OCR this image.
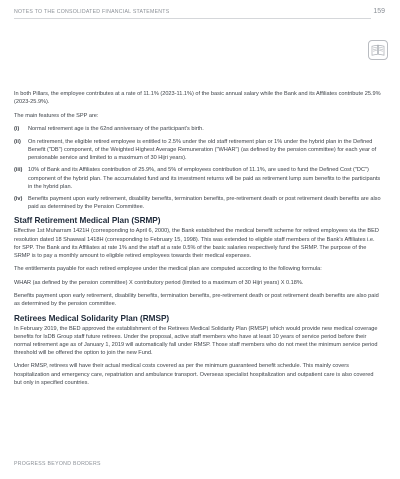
NOTES TO THE CONSOLIDATED FINANCIAL STATEMENTS	159

In both Pillars, the employee contributes at a rate of 11.1% (2023-11.1%) of the basic annual salary while the Bank and its Affiliates contribute 25.9% (2023-25.9%).

The main features of the SPP are:

(i)	Normal retirement age is the 62nd anniversary of the participant's birth.
(ii)	On retirement, the eligible retired employee is entitled to 2.5% under the old staff retirement plan or 1% under the hybrid plan in the Defined Benefit ("DB") component, of the Weighted Highest Average Remuneration ("WHAR") (as defined by the pension committee) for each year of pensionable service and limited to a maximum of 30 Hijri years).
(iii)	10% of Bank and its Affiliates contribution of 25.9%, and 5% of employees contribution of 11.1%, are used to fund the Defined Cost ("DC") component of the hybrid plan. The accumulated fund and its investment returns will be paid as retirement lump sum benefits to the participants in the hybrid plan.
(iv)	Benefits payment upon early retirement, disability benefits, termination benefits, pre-retirement death or post retirement death benefits are also paid as determined by the Pension Committee.
Staff Retirement Medical Plan (SRMP)

Effective 1st Muharram 1421H (corresponding to April 6, 2000), the Bank established the medical benefit scheme for retired employees via the BED resolution dated 18 Shawwal 1418H (corresponding to February 15, 1998). This was extended to eligible staff members of the Bank's Affiliates i.e. for SPP. The Bank and its Affiliates at rate 1% and the staff at a rate 0.5% of the basic salaries respectively fund the SRMP. The purpose of the SRMP is to pay a monthly amount to eligible retired employees towards their medical expenses.

The entitlements payable for each retired employee under the medical plan are computed according to the following formula:

WHAR (as defined by the pension committee) X contributory period (limited to a maximum of 30 Hijri years) X 0.18%.

Benefits payment upon early retirement, disability benefits, termination benefits, pre-retirement death or post retirement death benefits are also paid as determined by the pension committee.

Retirees Medical Solidarity Plan (RMSP)

In February 2019, the BED approved the establishment of the Retirees Medical Solidarity Plan (RMSP) which would provide new medical coverage benefits for IsDB Group staff future retirees. Under the proposal, active staff members who have at least 10 years of service period before their normal retirement age as of January 1, 2019 will automatically fall under RMSP. Those staff members who do not meet the minimum service period threshold will be offered the option to join the new Fund.

Under RMSP, retirees will have their actual medical costs covered as per the minimum guaranteed benefit schedule. This mainly covers hospitalization and emergency care, repatriation and ambulance transport. Overseas specialist hospitalization and outpatient care is also covered but only in specified countries.

PROGRESS BEYOND BORDERS
